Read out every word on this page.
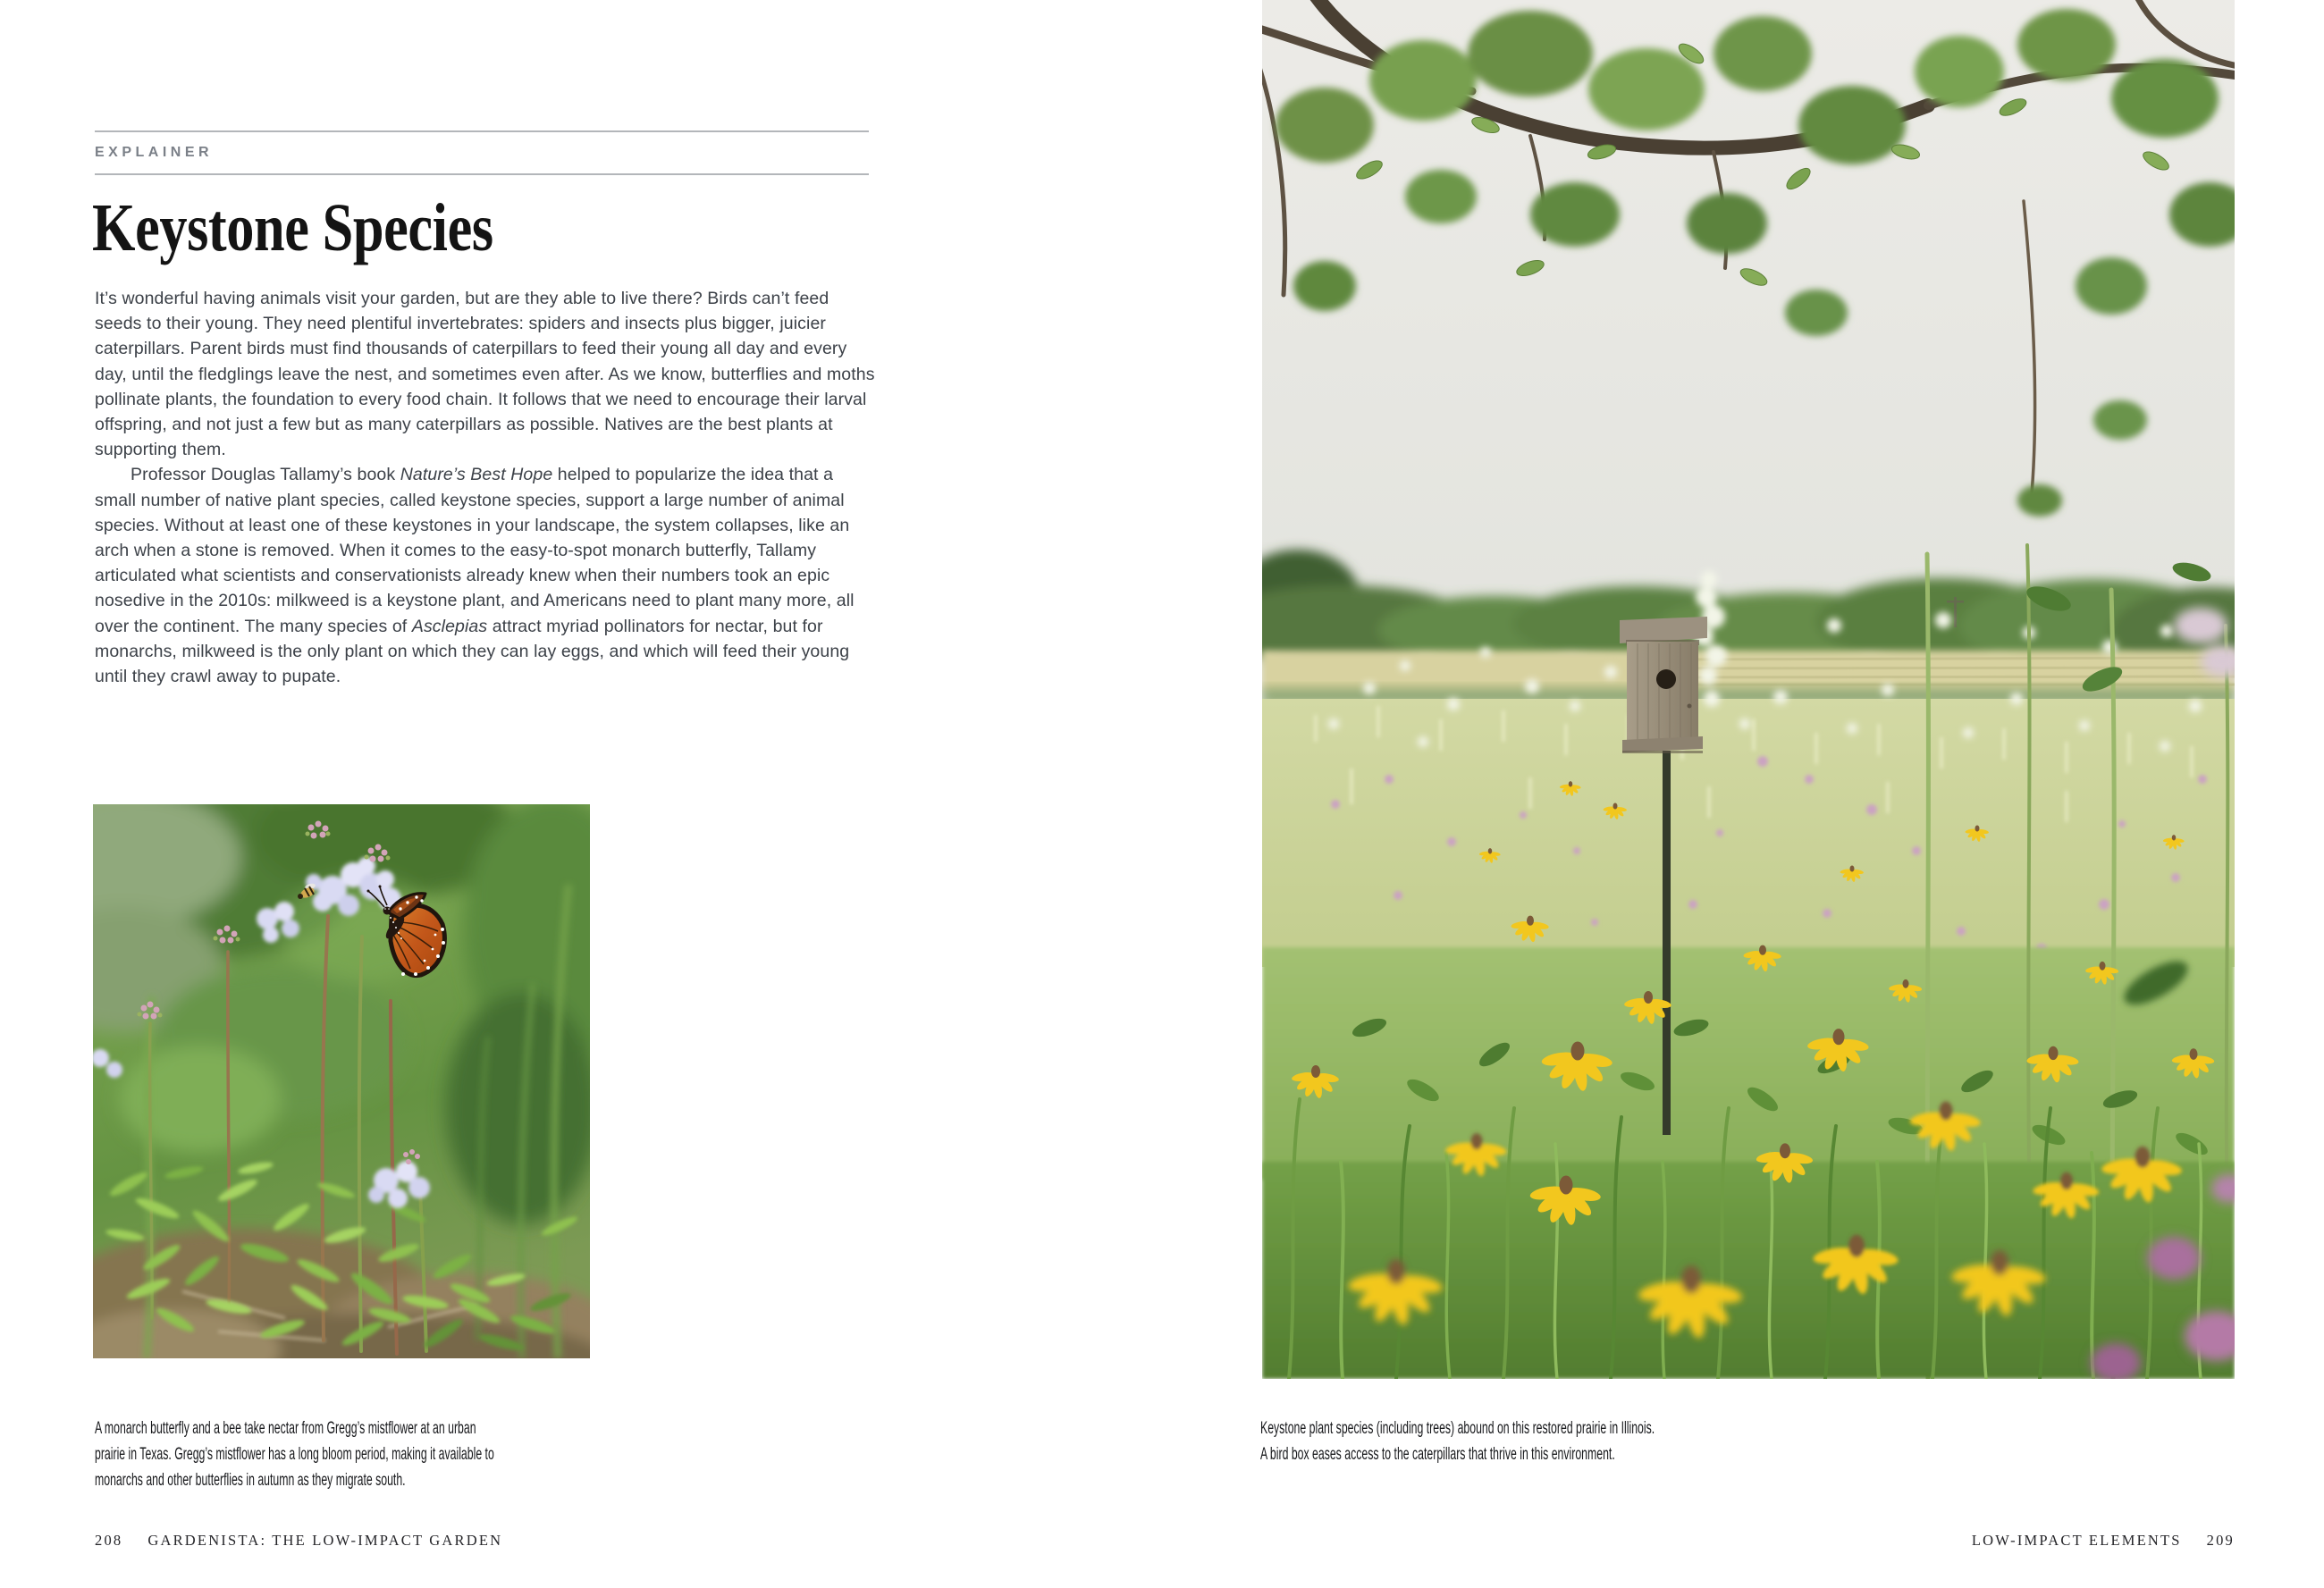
EXPLAINER
Keystone Species

It’s wonderful having animals visit your garden, but are they able to live there? Birds can’t feed seeds to their young. They need plentiful invertebrates: spiders and insects plus bigger, juicier caterpillars. Parent birds must find thousands of caterpillars to feed their young all day and every day, until the fledglings leave the nest, and sometimes even after. As we know, butterflies and moths pollinate plants, the foundation to every food chain. It follows that we need to encourage their larval offspring, and not just a few but as many caterpillars as possible. Natives are the best plants at supporting them.

Professor Douglas Tallamy’s book Nature’s Best Hope helped to popularize the idea that a small number of native plant species, called keystone species, support a large number of animal species. Without at least one of these keystones in your landscape, the system collapses, like an arch when a stone is removed. When it comes to the easy-to-spot monarch butterfly, Tallamy articulated what scientists and conservationists already knew when their numbers took an epic nosedive in the 2010s: milkweed is a keystone plant, and Americans need to plant many more, all over the continent. The many species of Asclepias attract myriad pollinators for nectar, but for monarchs, milkweed is the only plant on which they can lay eggs, and which will feed their young until they crawl away to pupate.

A monarch butterfly and a bee take nectar from Gregg’s mistflower at an urban
prairie in Texas. Gregg’s mistflower has a long bloom period, making it available to
monarchs and other butterflies in autumn as they migrate south.
Keystone plant species (including trees) abound on this restored prairie in Illinois.
A bird box eases access to the caterpillars that thrive in this environment.
208 GARDENISTA: THE LOW-IMPACT GARDEN	LOW-IMPACT ELEMENTS 209
